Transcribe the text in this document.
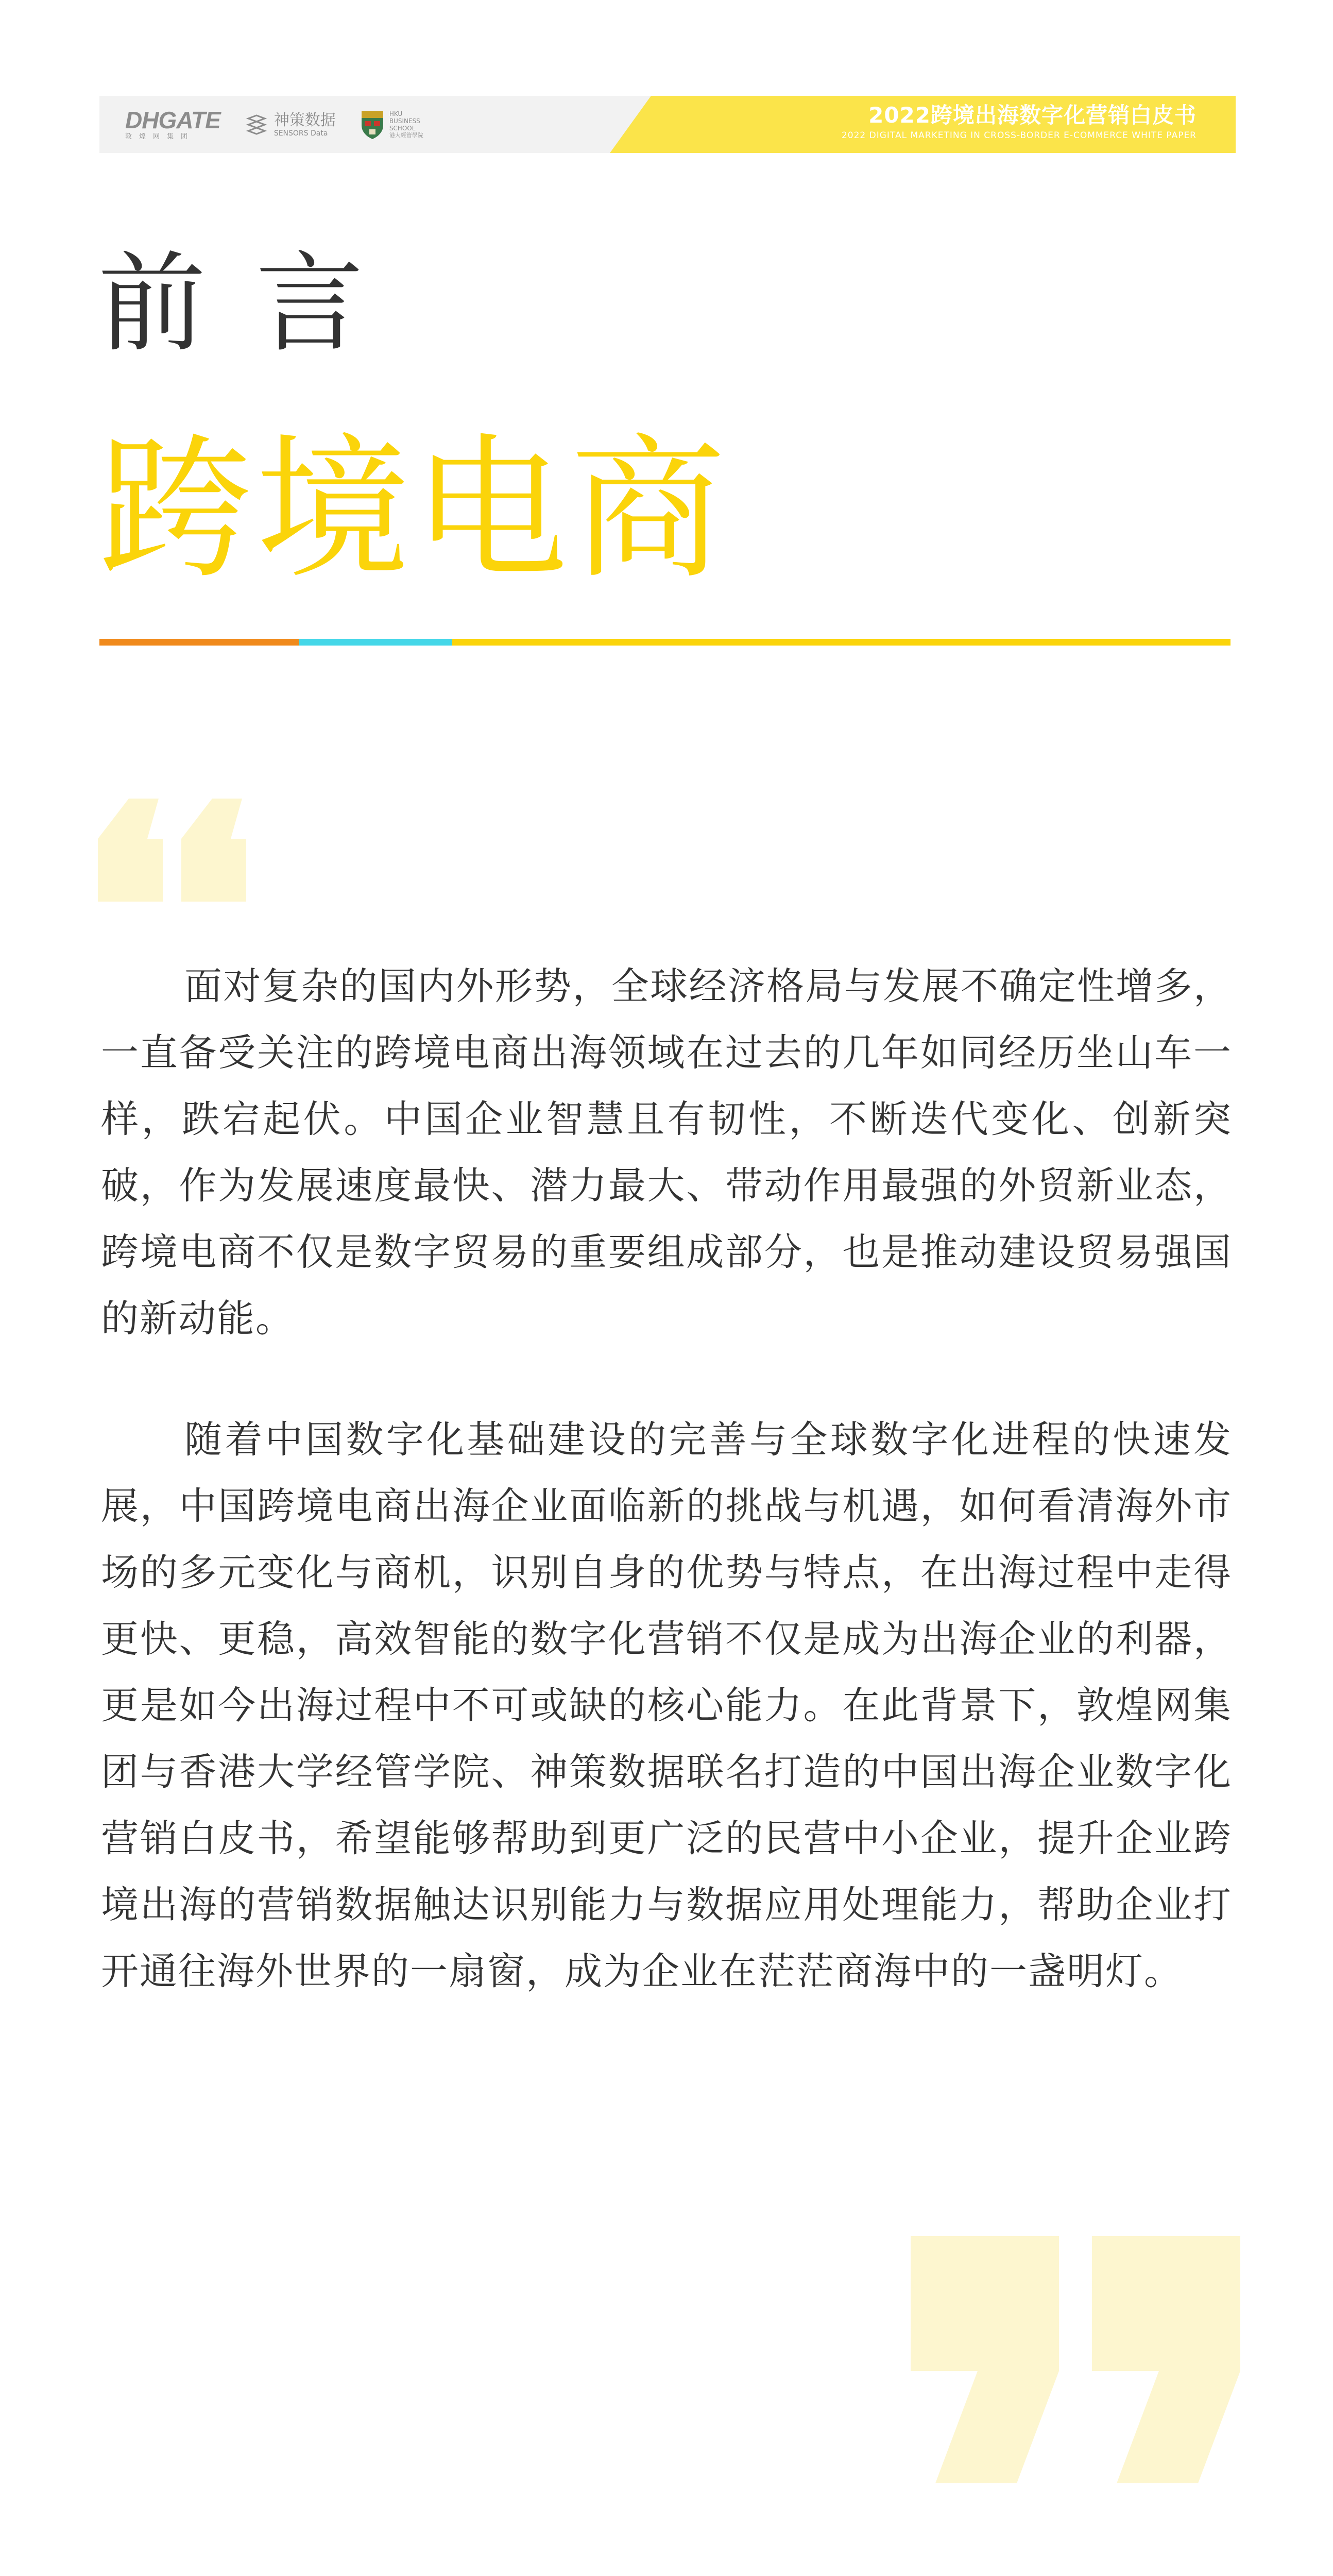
DHGATE
敦煌网集团
神策数据
SENSORS Data
HKU
BUSINESS
SCHOOL
港大經管學院
2022跨境出海数字化营销白皮书
2022 DIGITAL MARKETING IN CROSS-BORDER E-COMMERCE WHITE PAPER
前言
跨境电商

面对复杂的国内外形势，全球经济格局与发展不确定性增多，一直备受关注的跨境电商出海领域在过去的几年如同经历坐山车一样，跌宕起伏。中国企业智慧且有韧性，不断迭代变化、创新突破，作为发展速度最快、潜力最大、带动作用最强的外贸新业态，跨境电商不仅是数字贸易的重要组成部分，也是推动建设贸易强国的新动能。

随着中国数字化基础建设的完善与全球数字化进程的快速发展，中国跨境电商出海企业面临新的挑战与机遇，如何看清海外市场的多元变化与商机，识别自身的优势与特点，在出海过程中走得更快、更稳，高效智能的数字化营销不仅是成为出海企业的利器，更是如今出海过程中不可或缺的核心能力。在此背景下，敦煌网集团与香港大学经管学院、神策数据联名打造的中国出海企业数字化营销白皮书，希望能够帮助到更广泛的民营中小企业，提升企业跨境出海的营销数据触达识别能力与数据应用处理能力，帮助企业打开通往海外世界的一扇窗，成为企业在茫茫商海中的一盏明灯。
